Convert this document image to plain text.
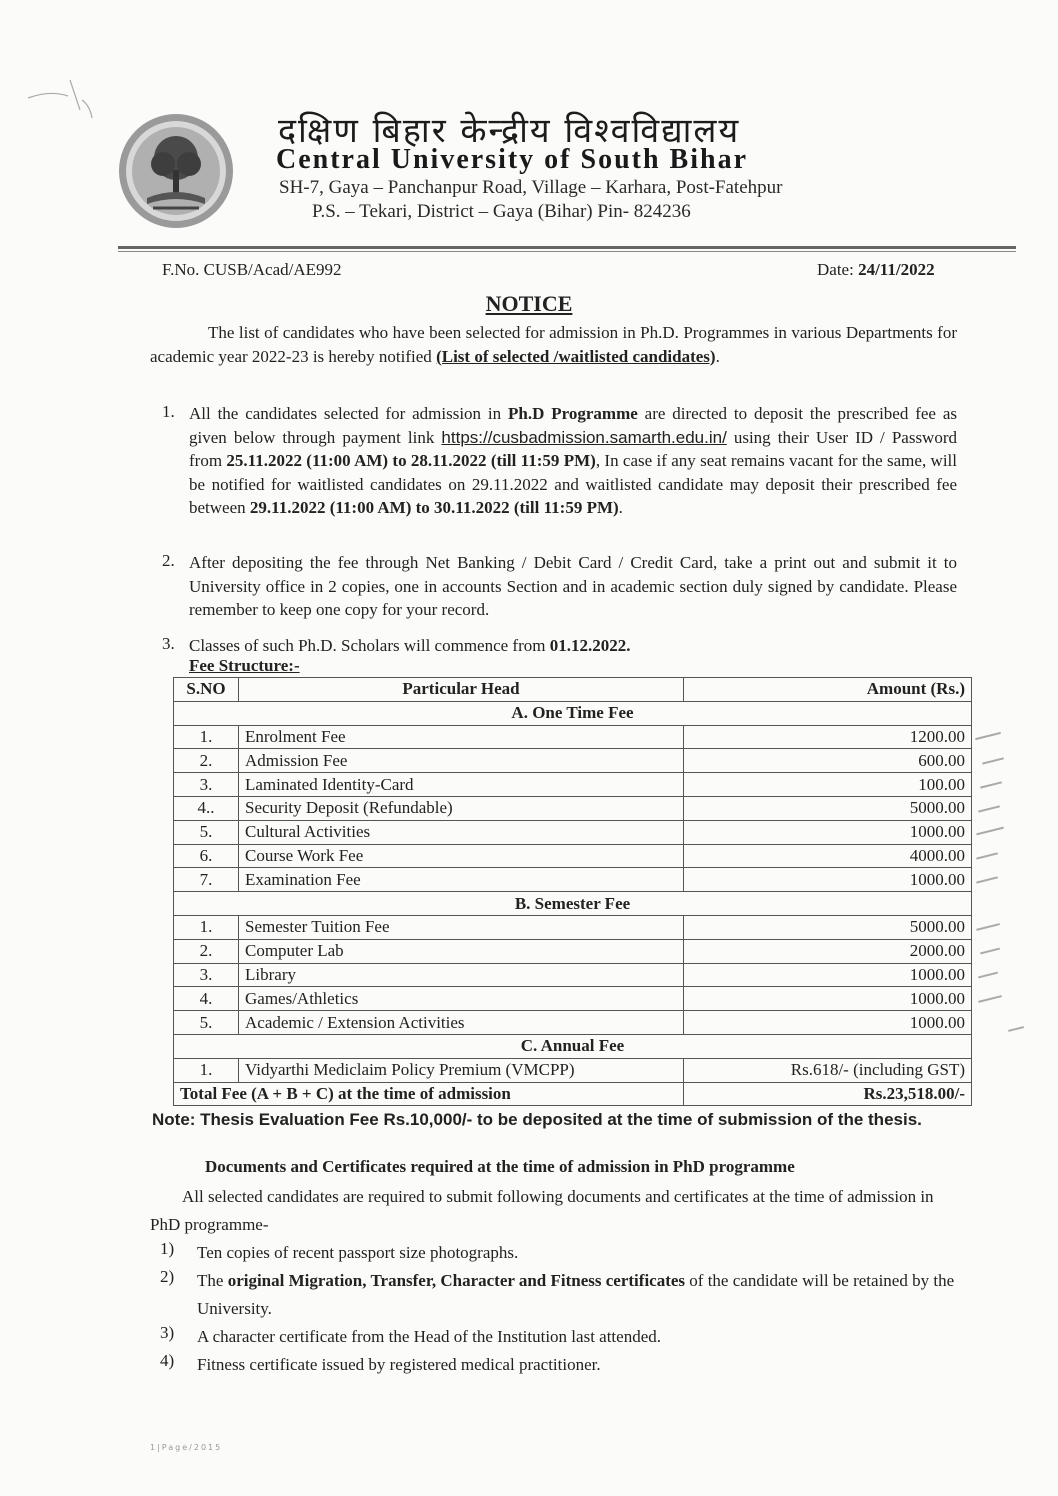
दक्षिण बिहार केन्द्रीय विश्वविद्यालय
Central University of South Bihar
SH-7, Gaya – Panchanpur Road, Village – Karhara, Post-Fatehpur
P.S. – Tekari, District – Gaya (Bihar) Pin- 824236
F.No. CUSB/Acad/AE992	Date: 24/11/2022
NOTICE
The list of candidates who have been selected for admission in Ph.D. Programmes in various Departments for academic year 2022-23 is hereby notified (List of selected /waitlisted candidates).
1. All the candidates selected for admission in Ph.D Programme are directed to deposit the prescribed fee as given below through payment link https://cusbadmission.samarth.edu.in/ using their User ID / Password from 25.11.2022 (11:00 AM) to 28.11.2022 (till 11:59 PM), In case if any seat remains vacant for the same, will be notified for waitlisted candidates on 29.11.2022 and waitlisted candidate may deposit their prescribed fee between 29.11.2022 (11:00 AM) to 30.11.2022 (till 11:59 PM).
2. After depositing the fee through Net Banking / Debit Card / Credit Card, take a print out and submit it to University office in 2 copies, one in accounts Section and in academic section duly signed by candidate. Please remember to keep one copy for your record.
3. Classes of such Ph.D. Scholars will commence from 01.12.2022.
Fee Structure:-
S.NO	Particular Head	Amount (Rs.)
A. One Time Fee		
1.	Enrolment Fee	1200.00
2.	Admission Fee	600.00
3.	Laminated Identity-Card	100.00
4..	Security Deposit (Refundable)	5000.00
5.	Cultural Activities	1000.00
6.	Course Work Fee	4000.00
7.	Examination Fee	1000.00
B. Semester Fee		
1.	Semester Tuition Fee	5000.00
2.	Computer Lab	2000.00
3.	Library	1000.00
4.	Games/Athletics	1000.00
5.	Academic / Extension Activities	1000.00
C. Annual Fee		
1.	Vidyarthi Mediclaim Policy Premium (VMCPP)	Rs.618/- (including GST)
Total Fee (A + B + C) at the time of admission		Rs.23,518.00/-
Note: Thesis Evaluation Fee Rs.10,000/- to be deposited at the time of submission of the thesis.
Documents and Certificates required at the time of admission in PhD programme
All selected candidates are required to submit following documents and certificates at the time of admission in PhD programme-
1) Ten copies of recent passport size photographs.
2) The original Migration, Transfer, Character and Fitness certificates of the candidate will be retained by the University.
3) A character certificate from the Head of the Institution last attended.
4) Fitness certificate issued by registered medical practitioner.
1|Page/2015
